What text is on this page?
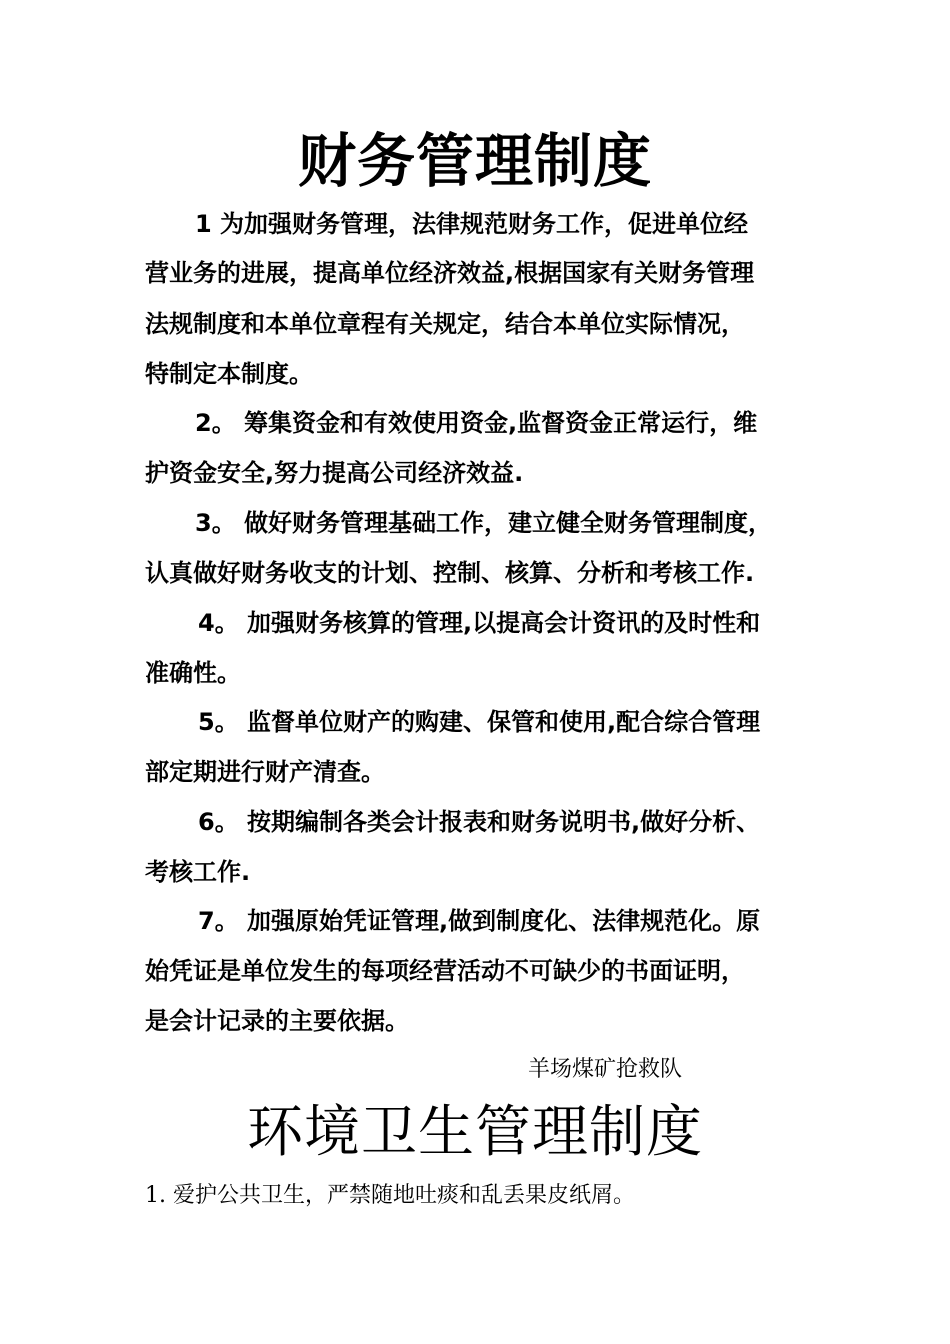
财务管理制度
1 为加强财务管理，法律规范财务工作，促进单位经
营业务的进展，提高单位经济效益,根据国家有关财务管理
法规制度和本单位章程有关规定，结合本单位实际情况，
特制定本制度。
2。 筹集资金和有效使用资金,监督资金正常运行，维
护资金安全,努力提高公司经济效益.
3。 做好财务管理基础工作，建立健全财务管理制度，
认真做好财务收支的计划、控制、核算、分析和考核工作.
4。 加强财务核算的管理,以提高会计资讯的及时性和
准确性。
5。 监督单位财产的购建、保管和使用,配合综合管理
部定期进行财产清查。
6。 按期编制各类会计报表和财务说明书,做好分析、
考核工作.
7。 加强原始凭证管理,做到制度化、法律规范化。原
始凭证是单位发生的每项经营活动不可缺少的书面证明，
是会计记录的主要依据。
羊场煤矿抢救队
环境卫生管理制度
1. 爱护公共卫生，严禁随地吐痰和乱丢果皮纸屑。
